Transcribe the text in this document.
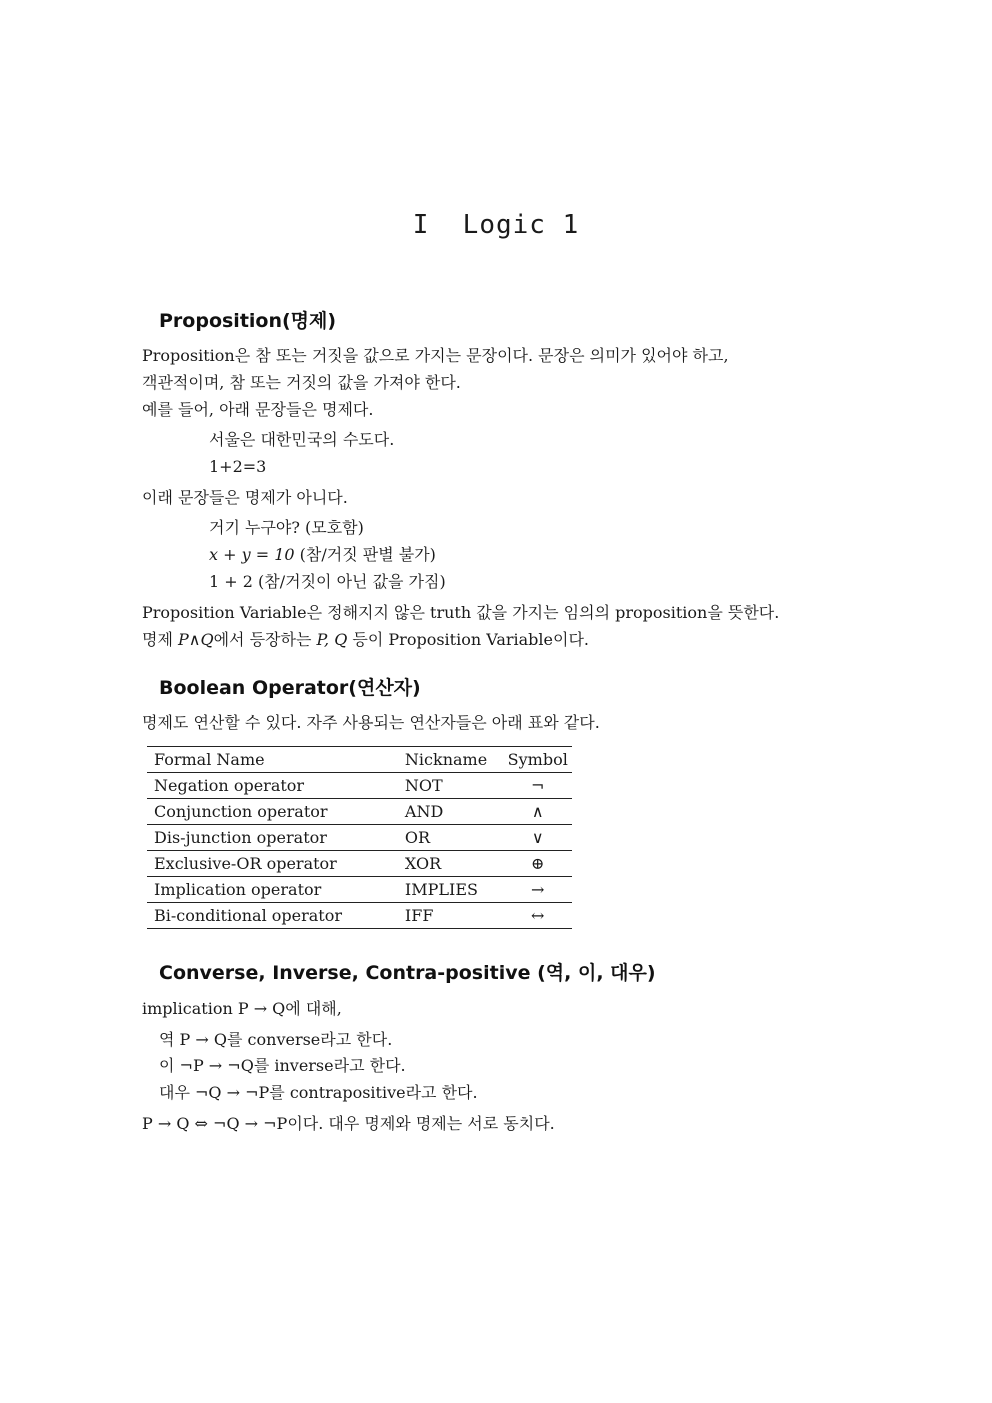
I  Logic 1
Proposition(명제)
Proposition은 참 또는 거짓을 값으로 가지는 문장이다. 문장은 의미가 있어야 하고,
객관적이며, 참 또는 거짓의 값을 가져야 한다.
예를 들어, 아래 문장들은 명제다.
서울은 대한민국의 수도다.
1+2=3
이래 문장들은 명제가 아니다.
거기 누구야? (모호함)
x + y = 10 (참/거짓 판별 불가)
1 + 2 (참/거짓이 아닌 값을 가짐)
Proposition Variable은 정해지지 않은 truth 값을 가지는 임의의 proposition을 뜻한다.
명제 P∧Q에서 등장하는 P, Q 등이 Proposition Variable이다.
Boolean Operator(연산자)
명제도 연산할 수 있다. 자주 사용되는 연산자들은 아래 표와 같다.
Formal Name	Nickname	Symbol
Negation operator	NOT	¬
Conjunction operator	AND	∧
Dis-junction operator	OR	∨
Exclusive-OR operator	XOR	⊕
Implication operator	IMPLIES	→
Bi-conditional operator	IFF	↔
Converse, Inverse, Contra-positive (역, 이, 대우)
implication P → Q에 대해,
역 P → Q를 converse라고 한다.
이 ¬P → ¬Q를 inverse라고 한다.
대우 ¬Q → ¬P를 contrapositive라고 한다.
P → Q ⇔ ¬Q → ¬P이다. 대우 명제와 명제는 서로 동치다.
